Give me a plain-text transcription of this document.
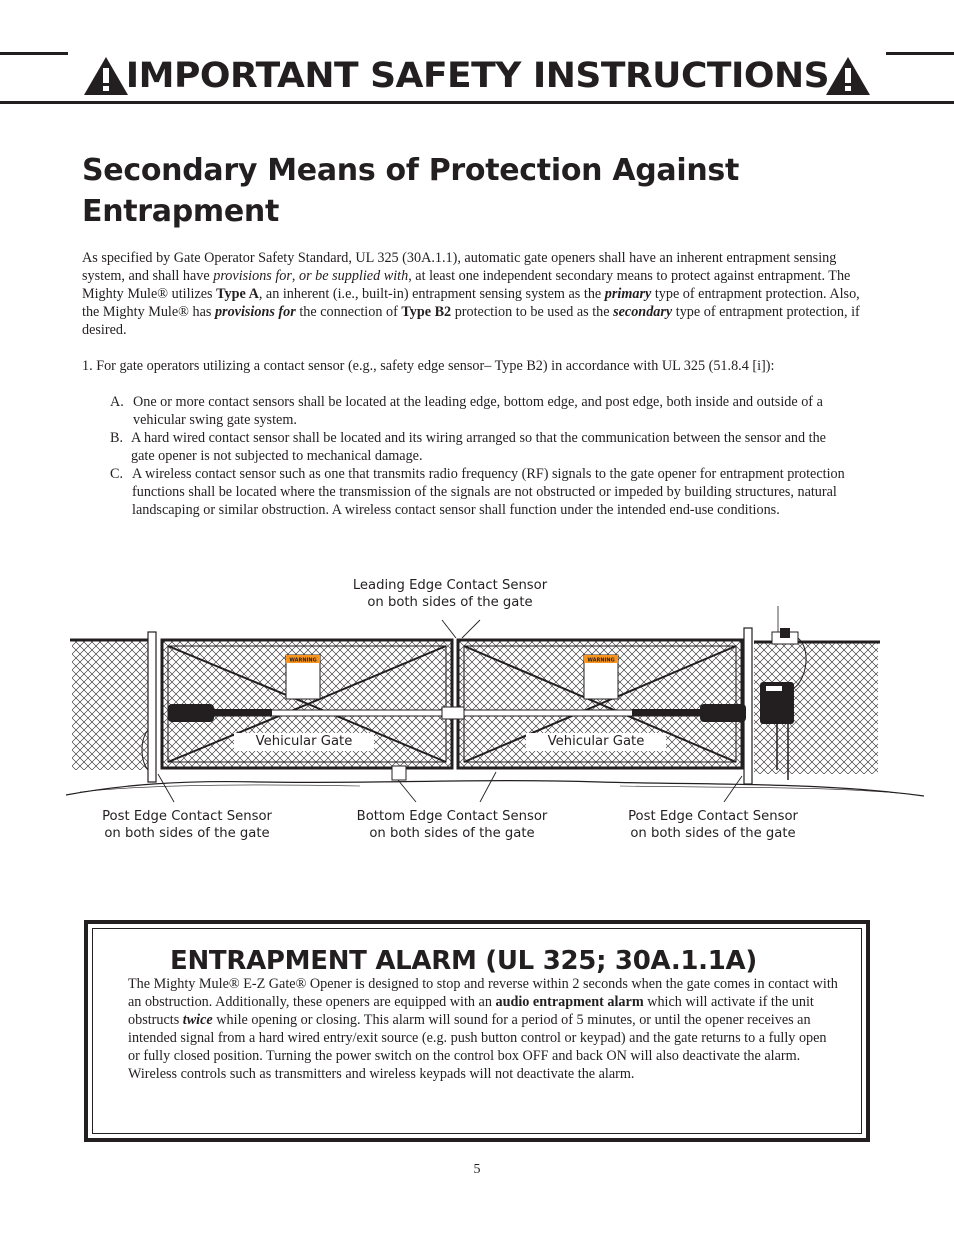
IMPORTANT SAFETY INSTRUCTIONS
Secondary Means of Protection Against Entrapment

As specified by Gate Operator Safety Standard, UL 325 (30A.1.1), automatic gate openers shall have an inherent entrapment sensing system, and shall have provisions for, or be supplied with, at least one independent secondary means to protect against entrapment. The Mighty Mule® utilizes Type A, an inherent (i.e., built-in) entrapment sensing system as the primary type of entrapment protection. Also, the Mighty Mule® has provisions for the connection of Type B2 protection to be used as the secondary type of entrapment protection, if desired.

1. For gate operators utilizing a contact sensor (e.g., safety edge sensor– Type B2) in accordance with UL 325 (51.8.4 [i]):

A. One or more contact sensors shall be located at the leading edge, bottom edge, and post edge, both inside and outside of a vehicular swing gate system.
B. A hard wired contact sensor shall be located and its wiring arranged so that the communication between the sensor and the gate opener is not subjected to mechanical damage.
C. A wireless contact sensor such as one that transmits radio frequency (RF) signals to the gate opener for entrapment protection functions shall be located where the transmission of the signals are not obstructed or impeded by building structures, natural landscaping or similar obstruction. A wireless contact sensor shall function under the intended end-use conditions.
WARNING	WARNING
Leading Edge Contact Sensor
on both sides of the gate
Vehicular Gate	Vehicular Gate
Post Edge Contact Sensor
on both sides of the gate
Bottom Edge Contact Sensor
on both sides of the gate
Post Edge Contact Sensor
on both sides of the gate
ENTRAPMENT ALARM (UL 325; 30A.1.1A)

The Mighty Mule® E-Z Gate® Opener is designed to stop and reverse within 2 seconds when the gate comes in contact with an obstruction. Additionally, these openers are equipped with an audio entrapment alarm which will activate if the unit obstructs twice while opening or closing. This alarm will sound for a period of 5 minutes, or until the opener receives an intended signal from a hard wired entry/exit source (e.g. push button control or keypad) and the gate returns to a fully open or fully closed position. Turning the power switch on the control box OFF and back ON will also deactivate the alarm. Wireless controls such as transmitters and wireless keypads will not deactivate the alarm.

5
